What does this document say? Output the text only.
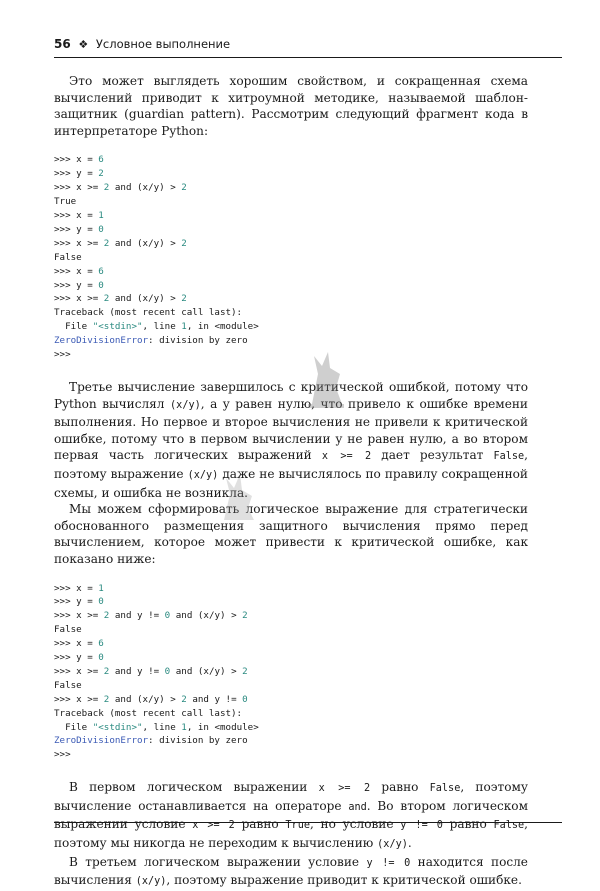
56 ❖ Условное выполнение

Это может выглядеть хорошим свойством, и сокращенная схема вычислений приводит к хитроумной методике, называемой шаблон-защитник (guardian pattern). Рассмотрим следующий фрагмент кода в интерпретаторе Python:

>>> x = 6
>>> y = 2
>>> x >= 2 and (x/y) > 2
True
>>> x = 1
>>> y = 0
>>> x >= 2 and (x/y) > 2
False
>>> x = 6
>>> y = 0
>>> x >= 2 and (x/y) > 2
Traceback (most recent call last):
File "<stdin>", line 1, in <module>
ZeroDivisionError: division by zero
>>>

Третье вычисление завершилось с критической ошибкой, потому что Python вычислял (x/y), а y равен нулю, что привело к ошибке времени выполнения. Но первое и второе вычисления не привели к критической ошибке, потому что в первом вычислении y не равен нулю, а во втором первая часть логических выражений x >= 2 дает результат False, поэтому выражение (x/y) даже не вычислялось по правилу сокращенной схемы, и ошибка не возникла.

Мы можем сформировать логическое выражение для стратегически обоснованного размещения защитного вычисления прямо перед вычислением, которое может привести к критической ошибке, как показано ниже:

>>> x = 1
>>> y = 0
>>> x >= 2 and y != 0 and (x/y) > 2
False
>>> x = 6
>>> y = 0
>>> x >= 2 and y != 0 and (x/y) > 2
False
>>> x >= 2 and (x/y) > 2 and y != 0
Traceback (most recent call last):
File "<stdin>", line 1, in <module>
ZeroDivisionError: division by zero
>>>

В первом логическом выражении x >= 2 равно False, поэтому вычисление останавливается на операторе and. Во втором логическом выражении условие x >= 2 равно True, но условие y != 0 равно False, поэтому мы никогда не переходим к вычислению (x/y).

В третьем логическом выражении условие y != 0 находится после вычисления (x/y), поэтому выражение приводит к критической ошибке.
